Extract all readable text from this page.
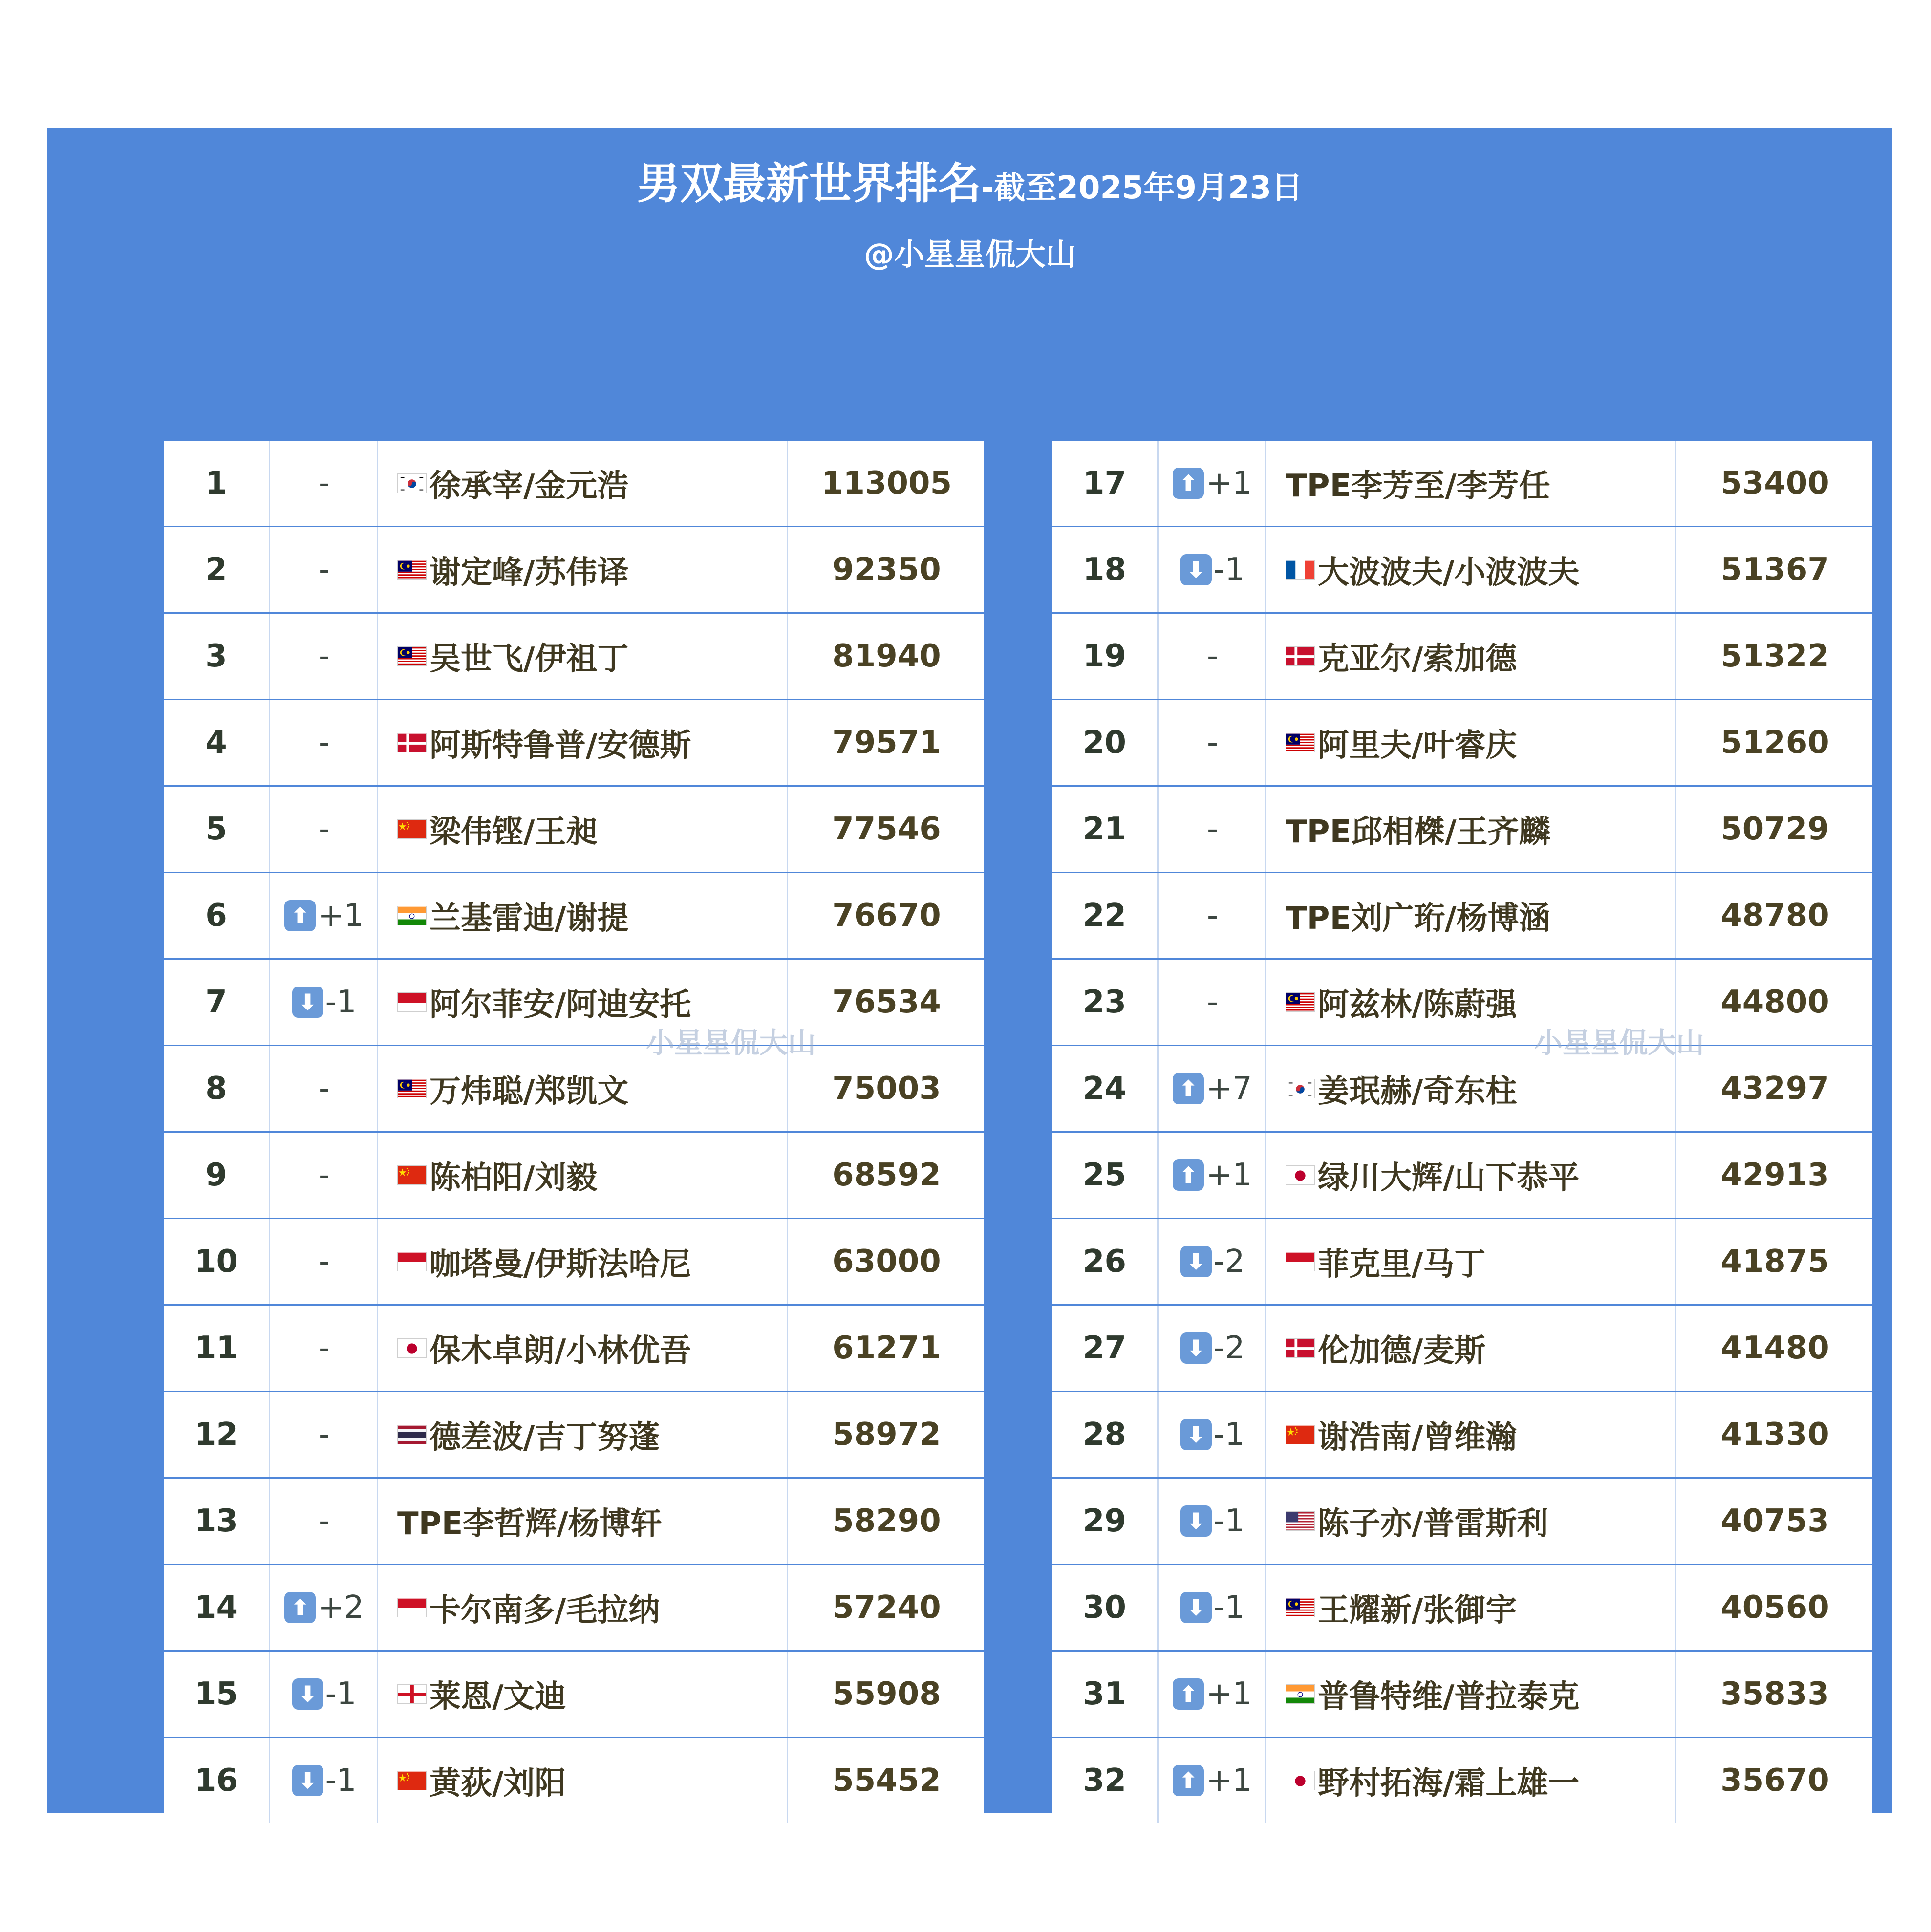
男双最新世界排名-截至2025年9月23日
@小星星侃大山
1	-	徐承宰/金元浩	113005
2	-	谢定峰/苏伟译	92350
3	-	吴世飞/伊祖丁	81940
4	-	阿斯特鲁普/安德斯	79571
5	-	梁伟铿/王昶	77546
6	⬆ +1 兰基雷迪/谢提	76670
7	⬇ -1 阿尔菲安/阿迪安托	76534
8	-	万炜聪/郑凯文	75003
9	-	陈柏阳/刘毅	68592
10	-	咖塔曼/伊斯法哈尼	63000
11	-	保木卓朗/小林优吾	61271
12	-	德差波/吉丁努蓬	58972
13	- TPE李哲辉/杨博轩	58290
14	⬆ +2 卡尔南多/毛拉纳	57240
15	⬇ -1 莱恩/文迪	55908
16	⬇ -1 黄荻/刘阳	55452
17	⬆ +1 TPE李芳至/李芳任	53400
18	⬇ -1 大波波夫/小波波夫	51367
19	-	克亚尔/索加德	51322
20	-	阿里夫/叶睿庆	51260
21	- TPE邱相榤/王齐麟	50729
22	- TPE刘广珩/杨博涵	48780
23	-	阿兹林/陈蔚强	44800
24	⬆ +7 姜珉赫/奇东柱	43297
25	⬆ +1 绿川大辉/山下恭平	42913
26	⬇ -2 菲克里/马丁	41875
27	⬇ -2 伦加德/麦斯	41480
28	⬇ -1 谢浩南/曾维瀚	41330
29	⬇ -1 陈子亦/普雷斯利	40753
30	⬇ -1 王耀新/张御宇	40560
31	⬆ +1 普鲁特维/普拉泰克	35833
32	⬆ +1 野村拓海/霜上雄一	35670
小星星侃大山	小星星侃大山
